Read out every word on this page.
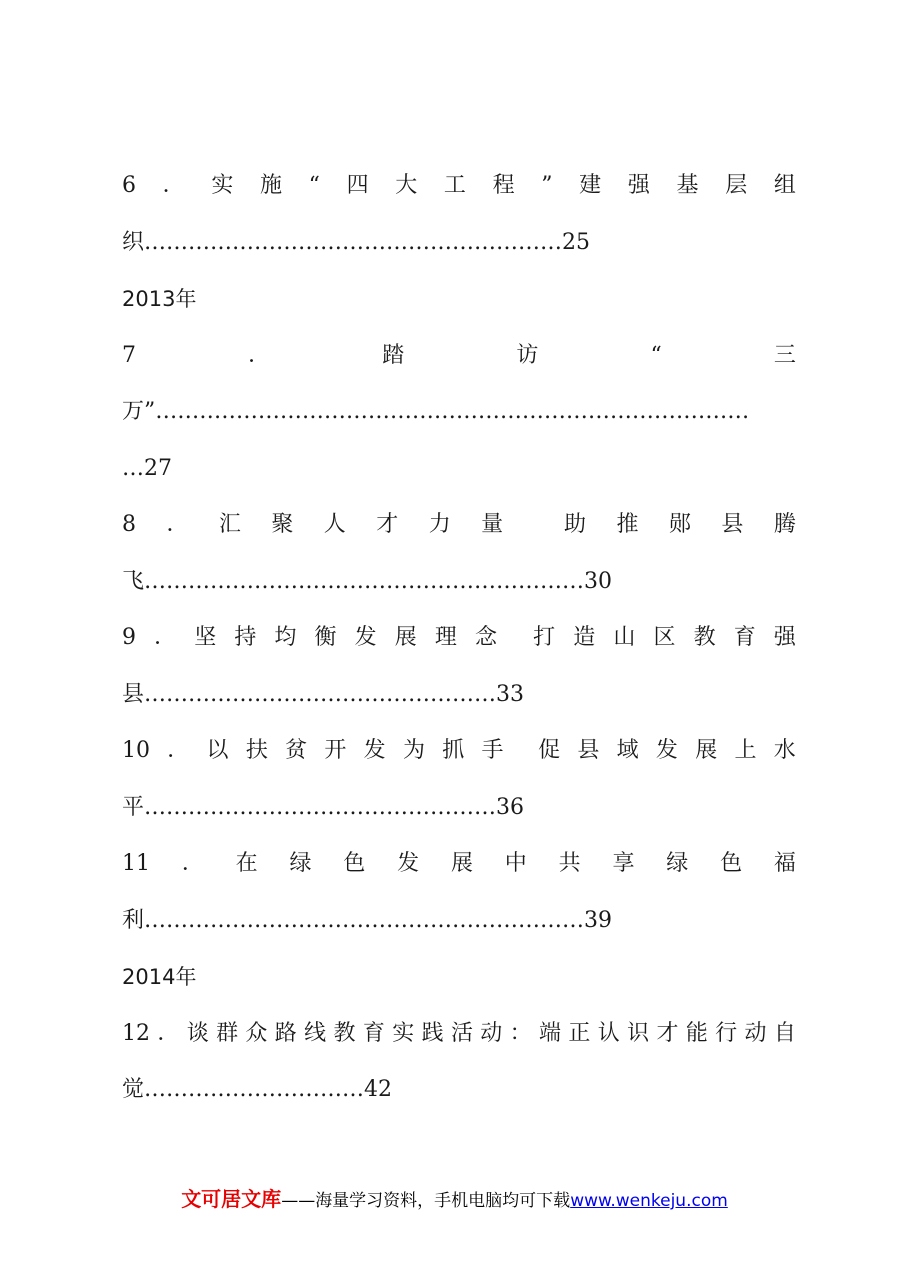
6 ． 实 施 “ 四 大 工 程 ” 建 强 基 层 组
织 ………………………………………………… 25
2013年
7	．	踏	访	“	三
万” ………………………………………………………………………
… 27
8 ． 汇 聚 人 才 力 量	助 推 郧 县 腾
飞 …………………………………………………… 30
9 ． 坚 持 均 衡 发 展 理 念 打 造 山 区 教 育 强
县 ………………………………………… 33
10 ． 以 扶 贫 开 发 为 抓 手 促 县 域 发 展 上 水
平 ………………………………………… 36
11 ． 在 绿 色 发 展 中 共 享 绿 色 福
利 …………………………………………………… 39
2014年
12 ． 谈 群 众 路 线 教 育 实 践 活 动 ： 端 正 认 识 才 能 行 动 自
觉 ………………………… 42
文可居文库——海量学习资料，手机电脑均可下载www.wenkeju.com
